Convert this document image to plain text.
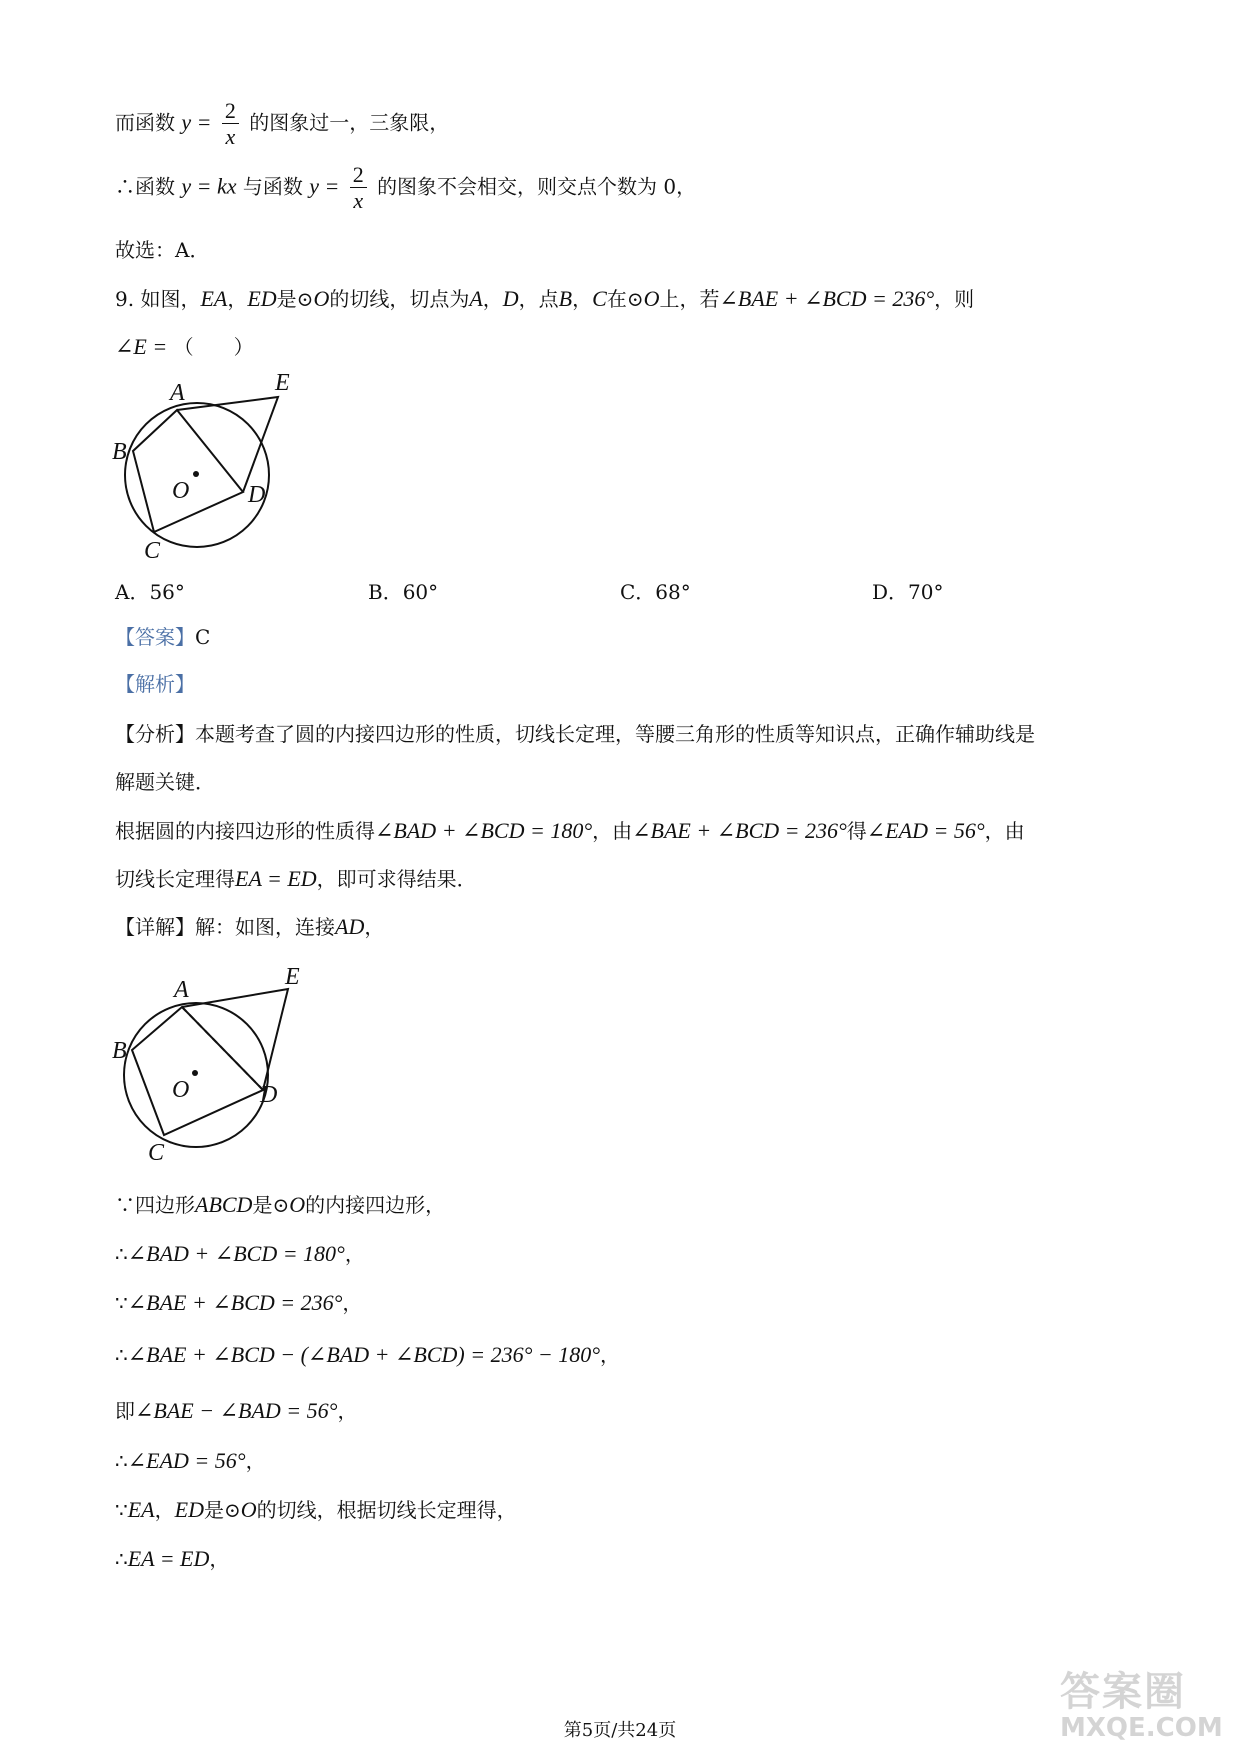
而函数 $y = \frac{2}{x}$ 的图象过一，三象限，
∴函数 y = kx 与函数 $y = \frac{2}{x}$ 的图象不会相交，则交点个数为 0，
故选：A．
9. 如图，EA，ED是⊙O的切线，切点为A，D，点B，C在⊙O上，若∠BAE + ∠BCD = 236°，则
∠E = （　　）
A
B
C
D
E
O
A．56°	B．60°	C．68°	D．70°
【答案】C
【解析】
【分析】本题考查了圆的内接四边形的性质，切线长定理，等腰三角形的性质等知识点，正确作辅助线是
解题关键．
根据圆的内接四边形的性质得∠BAD + ∠BCD = 180°，由∠BAE + ∠BCD = 236°得∠EAD = 56°，由
切线长定理得EA = ED，即可求得结果．
【详解】解：如图，连接AD，
A
B
C
D
E
O
∵四边形ABCD是⊙O的内接四边形，
∴∠BAD + ∠BCD = 180°，
∵∠BAE + ∠BCD = 236°，
∴∠BAE + ∠BCD − (∠BAD + ∠BCD) = 236° − 180°，
即∠BAE − ∠BAD = 56°，
∴∠EAD = 56°，
∵EA，ED是⊙O的切线，根据切线长定理得，
∴EA = ED，
第5页/共24页
答案圈
MXQE.COM
